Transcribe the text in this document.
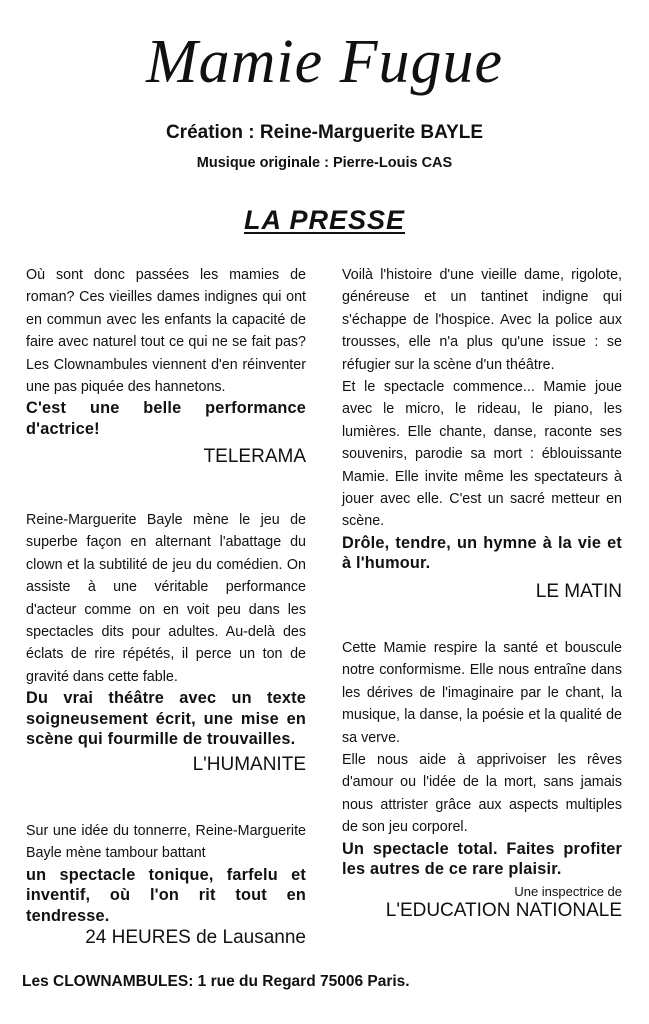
Mamie Fugue
Création : Reine-Marguerite BAYLE
Musique originale : Pierre-Louis CAS
LA PRESSE

Où sont donc passées les mamies de roman? Ces vieilles dames indignes qui ont en commun avec les enfants la capacité de faire avec naturel tout ce qui ne se fait pas? Les Clownambules viennent d'en réinventer une pas piquée des hannetons.

C'est une belle performance d'actrice!

TELERAMA

Reine-Marguerite Bayle mène le jeu de superbe façon en alternant l'abattage du clown et la subtilité de jeu du comédien. On assiste à une véritable performance d'acteur comme on en voit peu dans les spectacles dits pour adultes. Au-delà des éclats de rire répétés, il perce un ton de gravité dans cette fable.

Du vrai théâtre avec un texte soigneusement écrit, une mise en scène qui fourmille de trouvailles.

L'HUMANITE

Sur une idée du tonnerre, Reine-Marguerite Bayle mène tambour battant

un spectacle tonique, farfelu et inventif, où l'on rit tout en tendresse.

24 HEURES de Lausanne

Voilà l'histoire d'une vieille dame, rigolote, généreuse et un tantinet indigne qui s'échappe de l'hospice. Avec la police aux trousses, elle n'a plus qu'une issue : se réfugier sur la scène d'un théâtre.

Et le spectacle commence... Mamie joue avec le micro, le rideau, le piano, les lumières. Elle chante, danse, raconte ses souvenirs, parodie sa mort : éblouissante Mamie. Elle invite même les spectateurs à jouer avec elle. C'est un sacré metteur en scène.

Drôle, tendre, un hymne à la vie et à l'humour.

LE MATIN

Cette Mamie respire la santé et bouscule notre conformisme. Elle nous entraîne dans les dérives de l'imaginaire par le chant, la musique, la danse, la poésie et la qualité de sa verve.

Elle nous aide à apprivoiser les rêves d'amour ou l'idée de la mort, sans jamais nous attrister grâce aux aspects multiples de son jeu corporel.

Un spectacle total. Faites profiter les autres de ce rare plaisir.

Une inspectrice de

L'EDUCATION NATIONALE

Les CLOWNAMBULES: 1 rue du Regard 75006 Paris.
